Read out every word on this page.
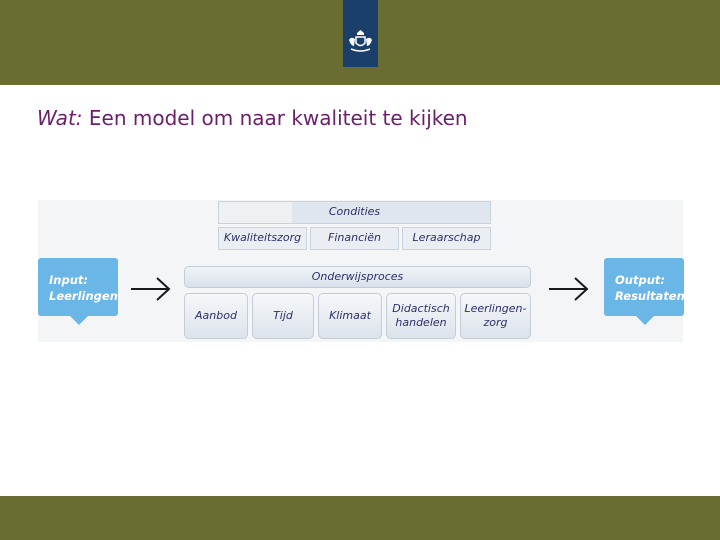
Wat: Een model om naar kwaliteit te kijken
Condities
Kwaliteitszorg Financiën	Leraarschap
Onderwijsproces
Aanbod	Tijd	Klimaat
Didactisch handelen
Leerlingen- zorg
Input:
Leerlingen
Output:
Resultaten
